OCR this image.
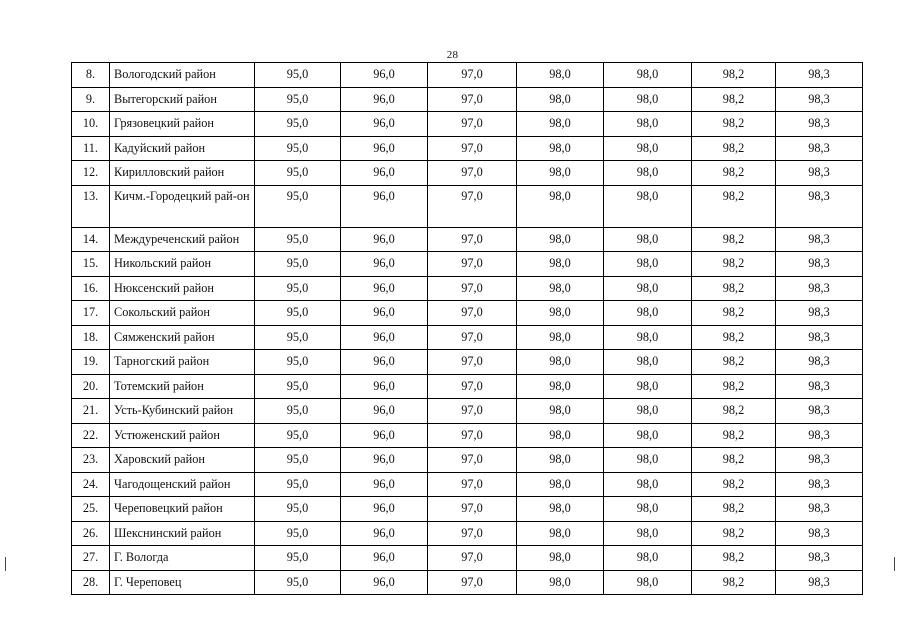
28
8.	Вологодский район	95,0	96,0	97,0	98,0	98,0	98,2	98,3
9.	Вытегорский район	95,0	96,0	97,0	98,0	98,0	98,2	98,3
10.	Грязовецкий район	95,0	96,0	97,0	98,0	98,0	98,2	98,3
11.	Кадуйский район	95,0	96,0	97,0	98,0	98,0	98,2	98,3
12.	Кирилловский район	95,0	96,0	97,0	98,0	98,0	98,2	98,3
13.	Кичм.-Городецкий рай-он	95,0	96,0	97,0	98,0	98,0	98,2	98,3
14.	Междуреченский район	95,0	96,0	97,0	98,0	98,0	98,2	98,3
15.	Никольский район	95,0	96,0	97,0	98,0	98,0	98,2	98,3
16.	Нюксенский район	95,0	96,0	97,0	98,0	98,0	98,2	98,3
17.	Сокольский район	95,0	96,0	97,0	98,0	98,0	98,2	98,3
18.	Сямженский район	95,0	96,0	97,0	98,0	98,0	98,2	98,3
19.	Тарногский район	95,0	96,0	97,0	98,0	98,0	98,2	98,3
20.	Тотемский район	95,0	96,0	97,0	98,0	98,0	98,2	98,3
21.	Усть-Кубинский район	95,0	96,0	97,0	98,0	98,0	98,2	98,3
22.	Устюженский район	95,0	96,0	97,0	98,0	98,0	98,2	98,3
23.	Харовский район	95,0	96,0	97,0	98,0	98,0	98,2	98,3
24.	Чагодощенский район	95,0	96,0	97,0	98,0	98,0	98,2	98,3
25.	Череповецкий район	95,0	96,0	97,0	98,0	98,0	98,2	98,3
26.	Шекснинский район	95,0	96,0	97,0	98,0	98,0	98,2	98,3
27.	Г. Вологда	95,0	96,0	97,0	98,0	98,0	98,2	98,3
28.	Г. Череповец	95,0	96,0	97,0	98,0	98,0	98,2	98,3
